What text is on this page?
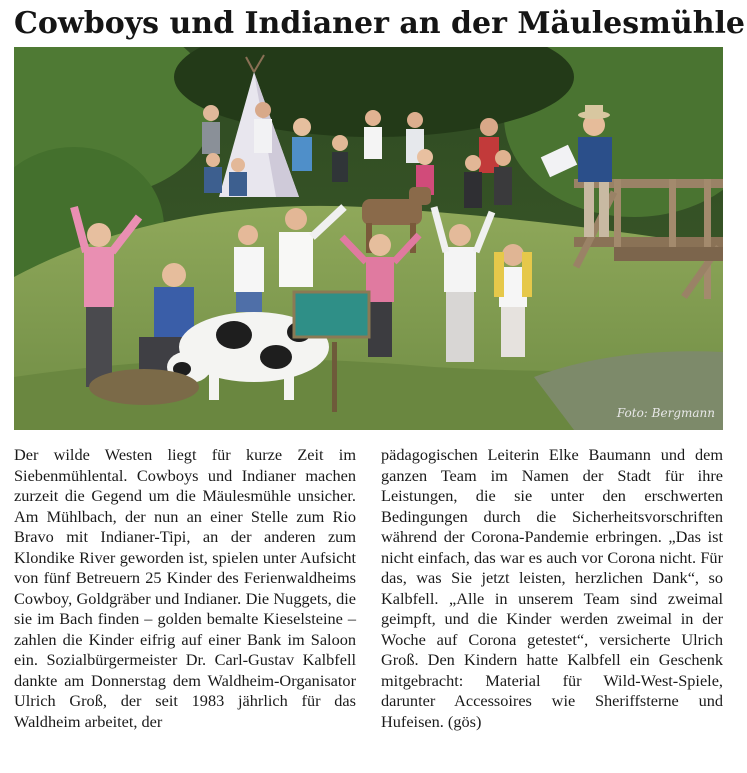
Cowboys und Indianer an der Mäulesmühle
Foto: Bergmann

Der wilde Westen liegt für kurze Zeit im Siebenmühlental. Cowboys und Indianer machen zurzeit die Gegend um die Mäulesmühle unsicher. Am Mühlbach, der nun an einer Stelle zum Rio Bravo mit Indianer-Tipi, an der anderen zum Klondike River geworden ist, spielen unter Aufsicht von fünf Betreuern 25 Kinder des Ferienwaldheims Cowboy, Goldgräber und Indianer. Die Nuggets, die sie im Bach finden – golden bemalte Kieselsteine – zahlen die Kinder eifrig auf einer Bank im Saloon ein. Sozialbürgermeister Dr. Carl-Gustav Kalbfell dankte am Donnerstag dem Waldheim-Organisator Ulrich Groß, der seit 1983 jährlich für das Waldheim arbeitet, der

pädagogischen Leiterin Elke Baumann und dem ganzen Team im Namen der Stadt für ihre Leistungen, die sie unter den erschwerten Bedingungen durch die Sicherheitsvorschriften während der Corona-Pandemie erbringen. „Das ist nicht einfach, das war es auch vor Corona nicht. Für das, was Sie jetzt leisten, herzlichen Dank“, so Kalbfell. „Alle in unserem Team sind zweimal geimpft, und die Kinder werden zweimal in der Woche auf Corona getestet“, versicherte Ulrich Groß. Den Kindern hatte Kalbfell ein Geschenk mitgebracht: Material für Wild-West-Spiele, darunter Accessoires wie Sheriffsterne und Hufeisen. (gös)
